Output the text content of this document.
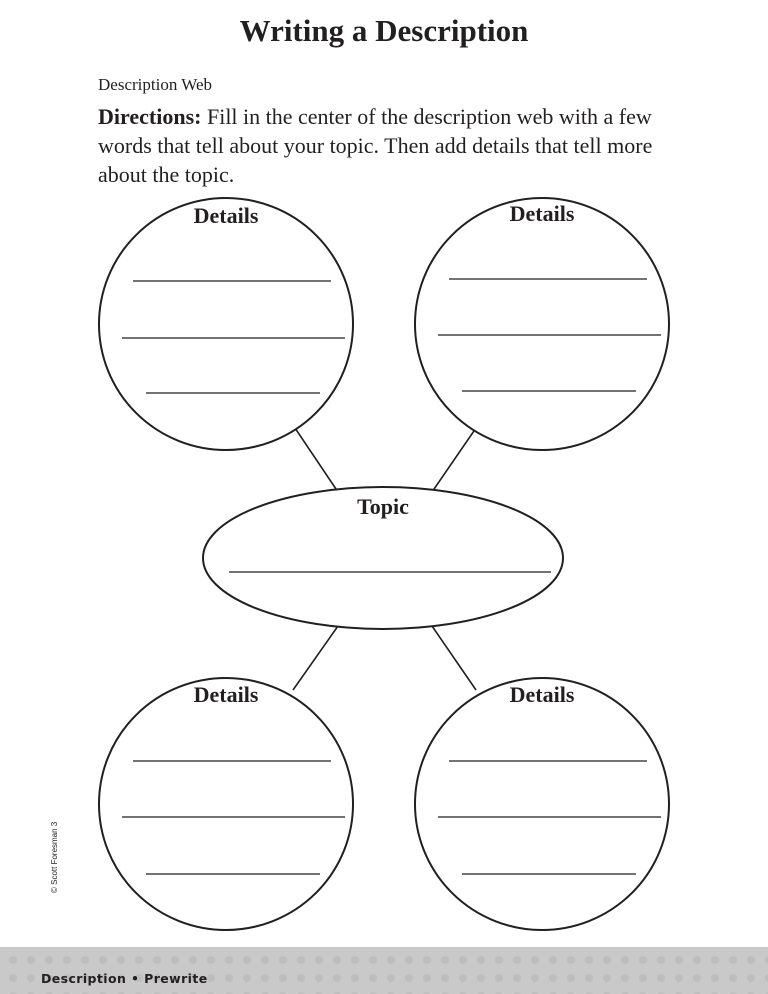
Writing a Description
Description Web
Directions: Fill in the center of the description web with a few words that tell about your topic. Then add details that tell more about the topic.
Details	Details
Topic
Details	Details
© Scott Foresman 3
Description • Prewrite
